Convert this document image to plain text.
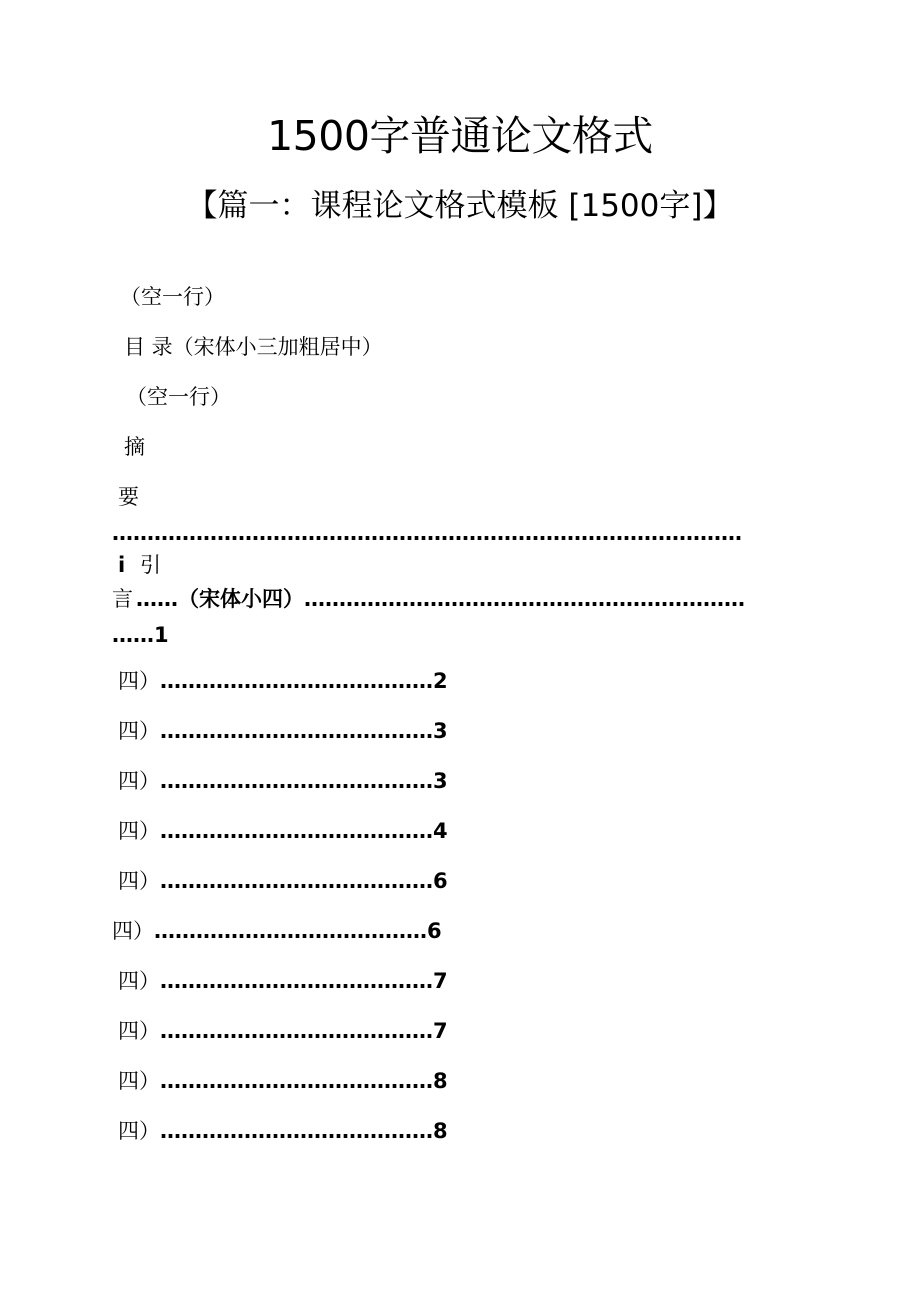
1500字普通论文格式
【篇一：课程论文格式模板 [1500字]】
（空一行）
目 录（宋体小三加粗居中）
（空一行）
摘
要
………………………………………………………………………………
i 引
言 ……（宋体小四）………………………………………………………
……1
四）…………………………………2
四）…………………………………3
四）…………………………………3
四）…………………………………4
四）…………………………………6
四）…………………………………6
四）…………………………………7
四）…………………………………7
四）…………………………………8
四）…………………………………8
